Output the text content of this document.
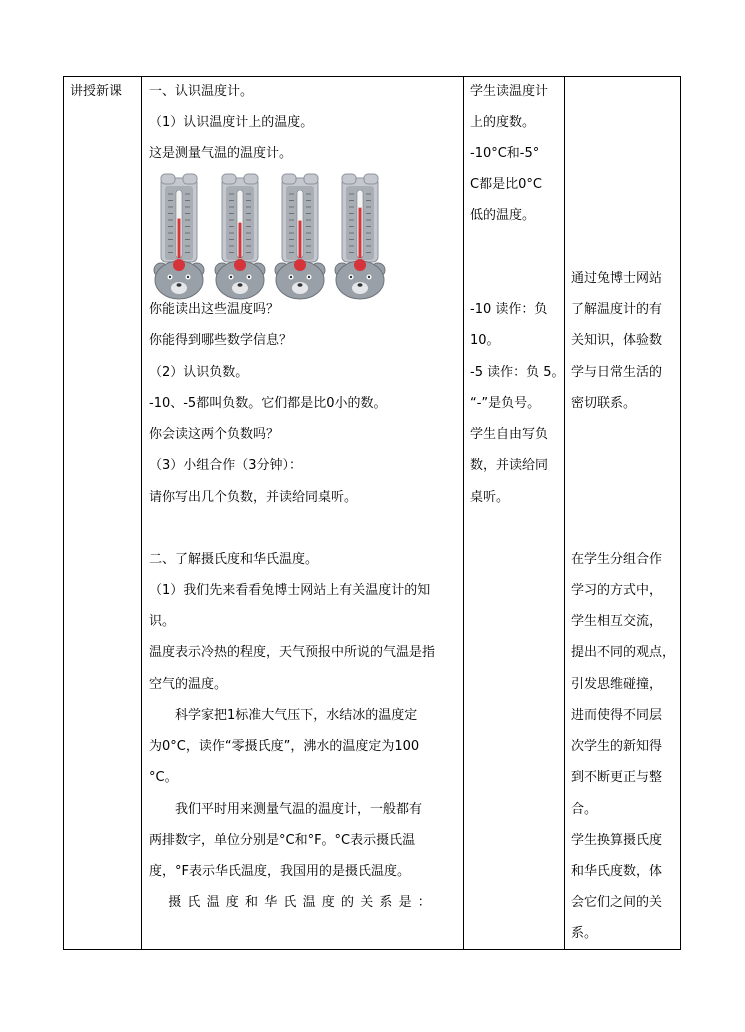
讲授新课 一、认识温度计。
（1）认识温度计上的温度。
这是测量气温的温度计。
你能读出这些温度吗？
你能得到哪些数学信息？
（2）认识负数。
-10、-5都叫负数。它们都是比0小的数。
你会读这两个负数吗？
（3）小组合作（3分钟）：
请你写出几个负数，并读给同桌听。
二、了解摄氏度和华氏温度。
（1）我们先来看看兔博士网站上有关温度计的知
识。
温度表示冷热的程度，天气预报中所说的气温是指
空气的温度。
　　科学家把1标准大气压下，水结冰的温度定
为0°C，读作“零摄氏度”，沸水的温度定为100
°C。
　　我们平时用来测量气温的温度计，一般都有
两排数字，单位分别是°C和°F。°C表示摄氏温
度，°F表示华氏温度，我国用的是摄氏温度。
　摄氏温度和华氏温度的关系是：
学生读温度计
上的度数。
-10°C和-5°
C都是比0°C
低的温度。
-10 读作：负
10。
-5 读作：负 5。
“-”是负号。
学生自由写负
数，并读给同
桌听。
通过兔博士网站
了解温度计的有
关知识，体验数
学与日常生活的
密切联系。
在学生分组合作
学习的方式中，
学生相互交流，
提出不同的观点，
引发思维碰撞，
进而使得不同层
次学生的新知得
到不断更正与整
合。
学生换算摄氏度
和华氏度数，体
会它们之间的关
系。
